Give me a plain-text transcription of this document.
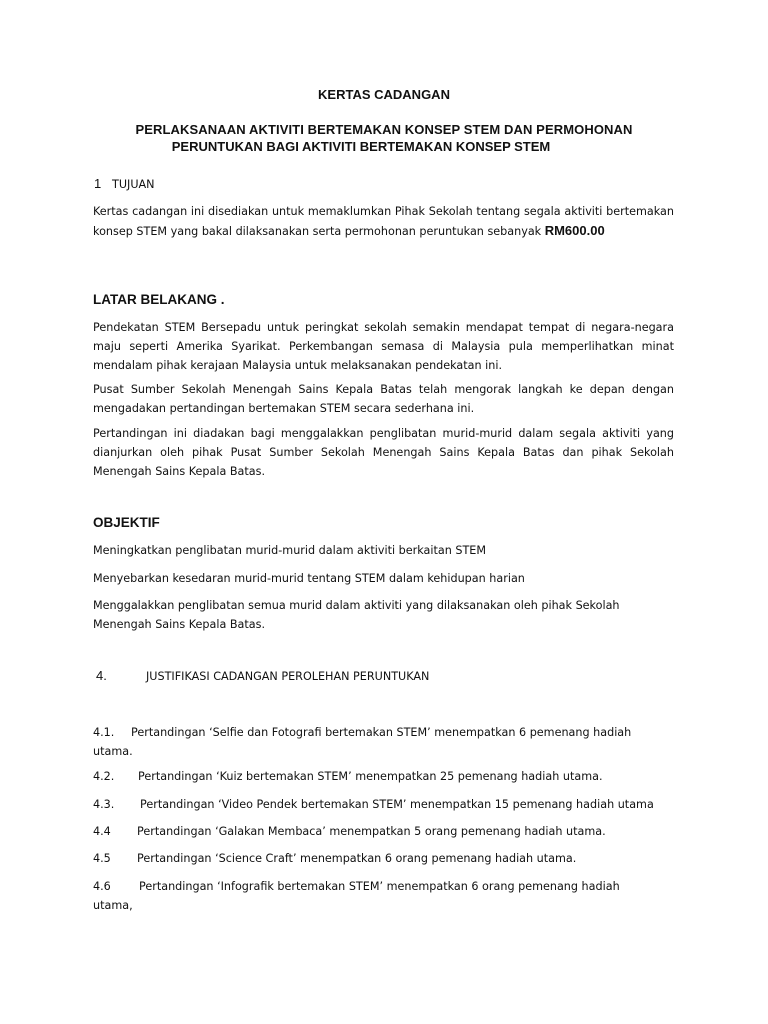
KERTAS CADANGAN

PERLAKSANAAN AKTIVITI BERTEMAKAN KONSEP STEM DAN PERMOHONAN

PERUNTUKAN BAGI AKTIVITI BERTEMAKAN KONSEP STEM

1 TUJUAN

Kertas cadangan ini disediakan untuk memaklumkan Pihak Sekolah tentang segala aktiviti bertemakan konsep STEM yang bakal dilaksanakan serta permohonan peruntukan sebanyak RM600.00

LATAR BELAKANG .

Pendekatan STEM Bersepadu untuk peringkat sekolah semakin mendapat tempat di negara-negara maju seperti Amerika Syarikat. Perkembangan semasa di Malaysia pula memperlihatkan minat mendalam pihak kerajaan Malaysia untuk melaksanakan pendekatan ini.

Pusat Sumber Sekolah Menengah Sains Kepala Batas telah mengorak langkah ke depan dengan mengadakan pertandingan bertemakan STEM secara sederhana ini.

Pertandingan ini diadakan bagi menggalakkan penglibatan murid-murid dalam segala aktiviti yang dianjurkan oleh pihak Pusat Sumber Sekolah Menengah Sains Kepala Batas dan pihak Sekolah Menengah Sains Kepala Batas.

OBJEKTIF

Meningkatkan penglibatan murid-murid dalam aktiviti berkaitan STEM

Menyebarkan kesedaran murid-murid tentang STEM dalam kehidupan harian

Menggalakkan penglibatan semua murid dalam aktiviti yang dilaksanakan oleh pihak Sekolah Menengah Sains Kepala Batas.

4.	JUSTIFIKASI CADANGAN PEROLEHAN PERUNTUKAN
4.1.	Pertandingan ‘Selfie dan Fotografi bertemakan STEM’ menempatkan 6 pemenang hadiah utama.

4.2. Pertandingan ‘Kuiz bertemakan STEM’ menempatkan 25 pemenang hadiah utama.

4.3. Pertandingan ‘Video Pendek bertemakan STEM’ menempatkan 15 pemenang hadiah utama

4.4 Pertandingan ‘Galakan Membaca’ menempatkan 5 orang pemenang hadiah utama.

4.5 Pertandingan ‘Science Craft’ menempatkan 6 orang pemenang hadiah utama.

4.6	Pertandingan ‘Infografik bertemakan STEM’ menempatkan 6 orang pemenang hadiah utama,
